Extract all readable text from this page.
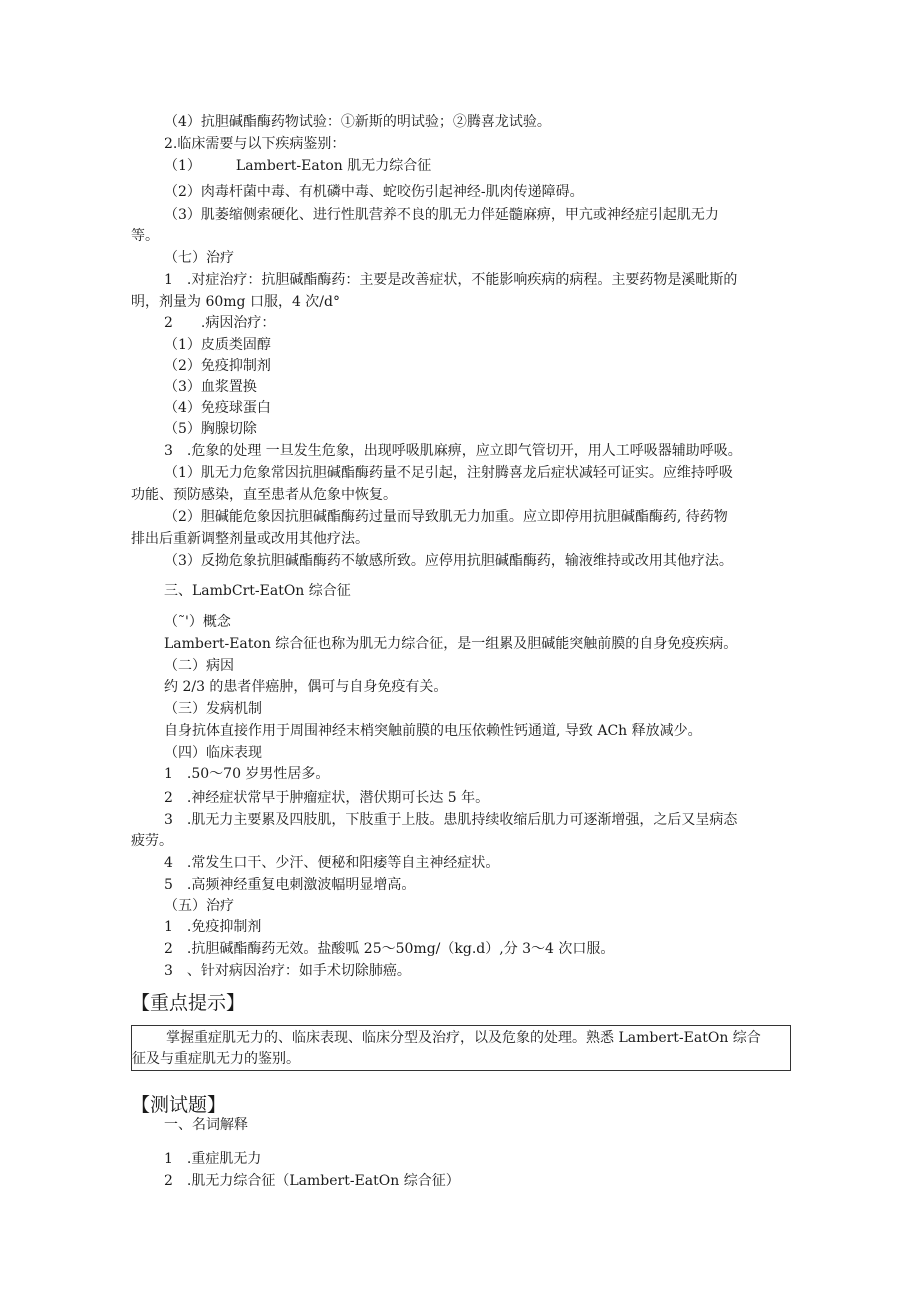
（4）抗胆碱酯酶药物试验：①新斯的明试验；②腾喜龙试验。
2.临床需要与以下疾病鉴别：
（1）　　　Lambert-Eaton 肌无力综合征
（2）肉毒杆菌中毒、有机磷中毒、蛇咬伤引起神经-肌肉传递障碍。
（3）肌萎缩侧索硬化、进行性肌营养不良的肌无力伴延髓麻痹，甲亢或神经症引起肌无力
等。
（七）治疗
1　.对症治疗：抗胆碱酯酶药：主要是改善症状，不能影响疾病的病程。主要药物是溪毗斯的
明，剂量为 60mg 口服，4 次/d°
2　　.病因治疗：
（1）皮质类固醇
（2）免疫抑制剂
（3）血浆置换
（4）免疫球蛋白
（5）胸腺切除
3　.危象的处理 一旦发生危象，出现呼吸肌麻痹，应立即气管切开，用人工呼吸器辅助呼吸。
（1）肌无力危象常因抗胆碱酯酶药量不足引起，注射腾喜龙后症状减轻可证实。应维持呼吸
功能、预防感染，直至患者从危象中恢复。
（2）胆碱能危象因抗胆碱酯酶药过量而导致肌无力加重。应立即停用抗胆碱酯酶药, 待药物
排出后重新调整剂量或改用其他疗法。
（3）反拗危象抗胆碱酯酶药不敏感所致。应停用抗胆碱酯酶药，输液维持或改用其他疗法。
三、LambCrt-EatOn 综合征
（˜'）概念
Lambert-Eaton 综合征也称为肌无力综合征，是一组累及胆碱能突触前膜的自身免疫疾病。
（二）病因
约 2/3 的患者伴癌肿，偶可与自身免疫有关。
（三）发病机制
自身抗体直接作用于周围神经末梢突触前膜的电压依赖性钙通道, 导致 ACh 释放减少。
（四）临床表现
1　.50～70 岁男性居多。
2　.神经症状常早于肿瘤症状，潜伏期可长达 5 年。
3　.肌无力主要累及四肢肌，下肢重于上肢。患肌持续收缩后肌力可逐渐增强，之后又呈病态
疲劳。
4　.常发生口干、少汗、便秘和阳痿等自主神经症状。
5　.高频神经重复电刺激波幅明显增高。
（五）治疗
1　.免疫抑制剂
2　.抗胆碱酯酶药无效。盐酸呱 25～50mg/（kg.d）,分 3～4 次口服。
3　、针对病因治疗：如手术切除肺癌。
【重点提示】
掌握重症肌无力的、临床表现、临床分型及治疗，以及危象的处理。熟悉 Lambert-EatOn 综合
征及与重症肌无力的鉴别。
【测试题】
一、名词解释
1　.重症肌无力
2　.肌无力综合征（Lambert-EatOn 综合征）
